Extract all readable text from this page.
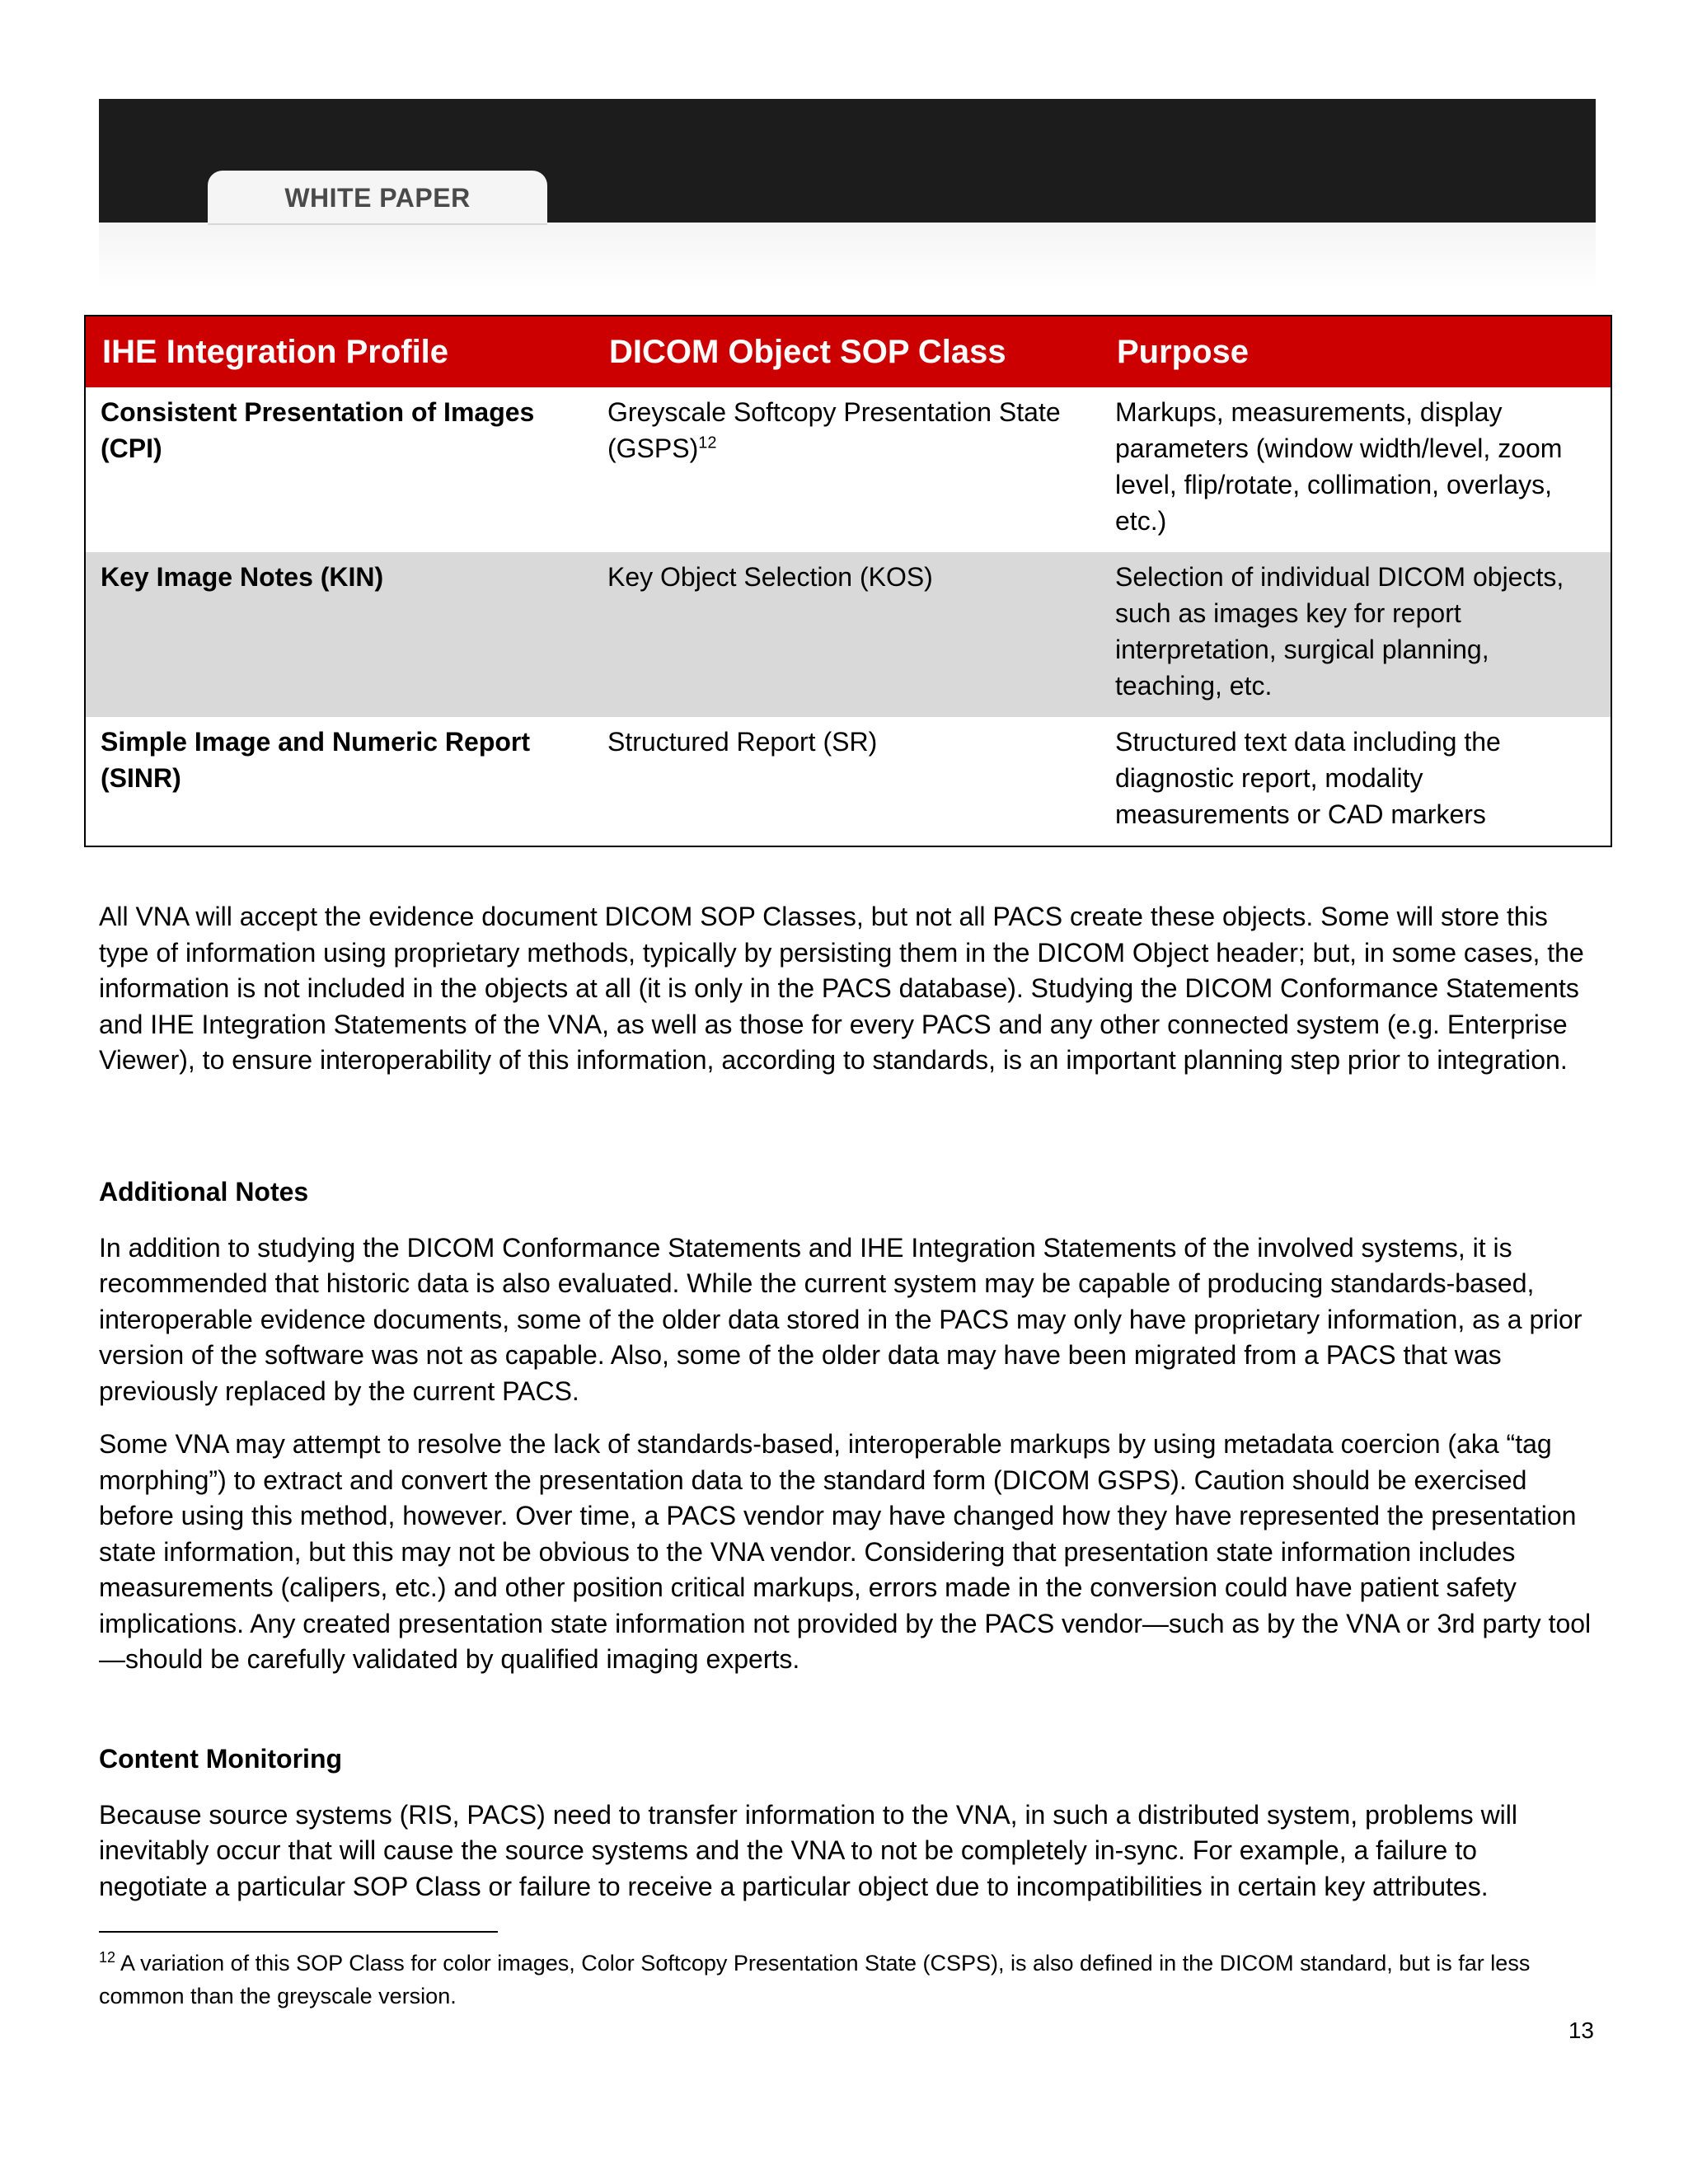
WHITE PAPER
IHE Integration Profile	DICOM Object SOP Class	Purpose
Consistent Presentation of Images (CPI)	Greyscale Softcopy Presentation State (GSPS)$^{12}$	Markups, measurements, display parameters (window width/level, zoom level, flip/rotate, collimation, overlays, etc.)
Key Image Notes (KIN)	Key Object Selection (KOS)	Selection of individual DICOM objects, such as images key for report interpretation, surgical planning, teaching, etc.
Simple Image and Numeric Report (SINR)	Structured Report (SR)	Structured text data including the diagnostic report, modality measurements or CAD markers

All VNA will accept the evidence document DICOM SOP Classes, but not all PACS create these objects. Some will store this type of information using proprietary methods, typically by persisting them in the DICOM Object header; but, in some cases, the information is not included in the objects at all (it is only in the PACS database). Studying the DICOM Conformance Statements and IHE Integration Statements of the VNA, as well as those for every PACS and any other connected system (e.g. Enterprise Viewer), to ensure interoperability of this information, according to standards, is an important planning step prior to integration.

Additional Notes

In addition to studying the DICOM Conformance Statements and IHE Integration Statements of the involved systems, it is recommended that historic data is also evaluated. While the current system may be capable of producing standards-based, interoperable evidence documents, some of the older data stored in the PACS may only have proprietary information, as a prior version of the software was not as capable. Also, some of the older data may have been migrated from a PACS that was previously replaced by the current PACS.

Some VNA may attempt to resolve the lack of standards-based, interoperable markups by using metadata coercion (aka “tag morphing”) to extract and convert the presentation data to the standard form (DICOM GSPS). Caution should be exercised before using this method, however. Over time, a PACS vendor may have changed how they have represented the presentation state information, but this may not be obvious to the VNA vendor. Considering that presentation state information includes measurements (calipers, etc.) and other position critical markups, errors made in the conversion could have patient safety implications. Any created presentation state information not provided by the PACS vendor—such as by the VNA or 3rd party tool—should be carefully validated by qualified imaging experts.

Content Monitoring

Because source systems (RIS, PACS) need to transfer information to the VNA, in such a distributed system, problems will inevitably occur that will cause the source systems and the VNA to not be completely in-sync. For example, a failure to negotiate a particular SOP Class or failure to receive a particular object due to incompatibilities in certain key attributes.

$^{12}$ A variation of this SOP Class for color images, Color Softcopy Presentation State (CSPS), is also defined in the DICOM standard, but is far less common than the greyscale version.
13
